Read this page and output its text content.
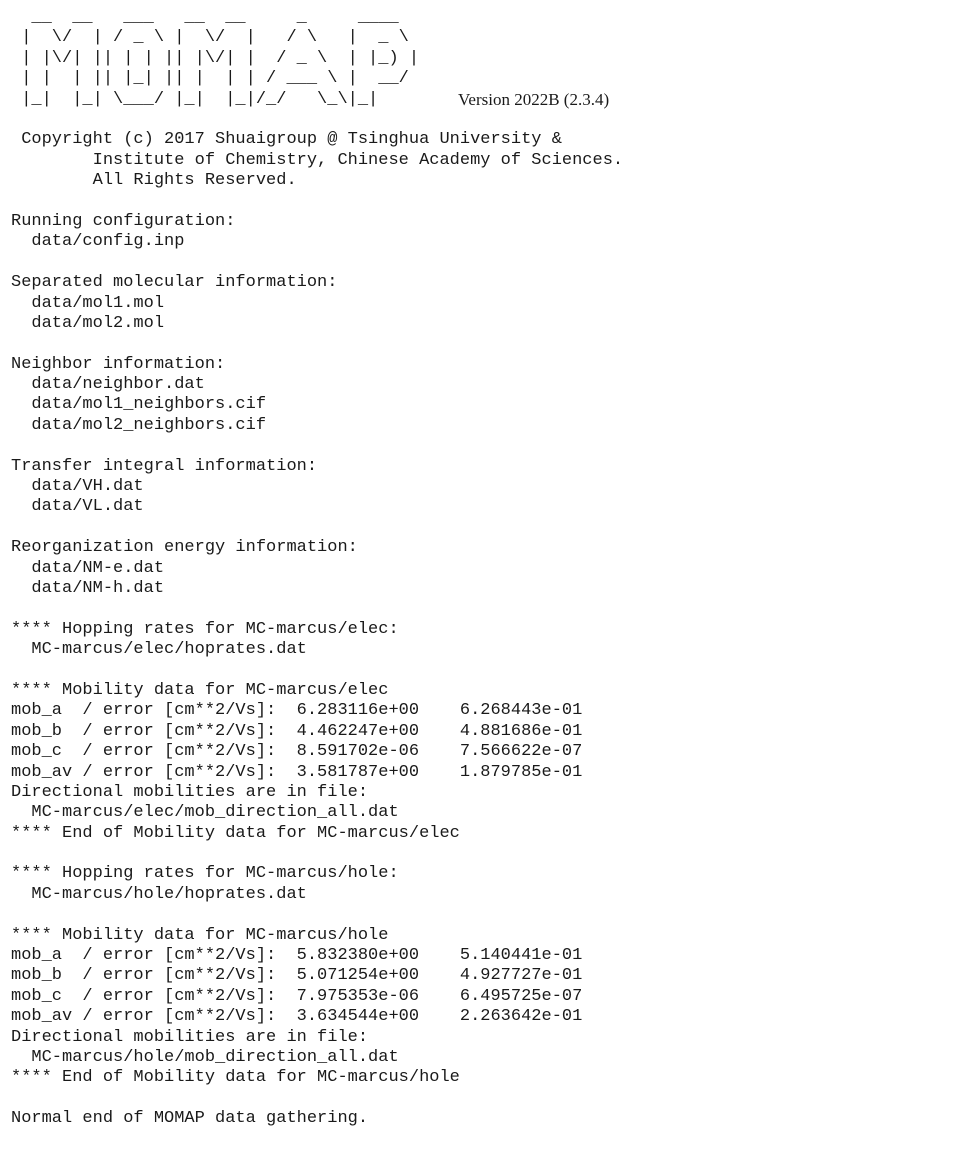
__  __   ___   __  __     _     ____
|  \/  | / _ \ |  \/  |   / \   |  _ \
| |\/| || | | || |\/| |  / _ \  | |_) |
| |  | || |_| || |  | | / ___ \ |  __/
|_|  |_| \___/ |_|  |_|/_/   \_\|_|	Version 2022B (2.3.4)
Copyright (c) 2017 Shuaigroup @ Tsinghua University &
Institute of Chemistry, Chinese Academy of Sciences.
All Rights Reserved.
Running configuration:
data/config.inp
Separated molecular information:
data/mol1.mol
data/mol2.mol
Neighbor information:
data/neighbor.dat
data/mol1_neighbors.cif
data/mol2_neighbors.cif
Transfer integral information:
data/VH.dat
data/VL.dat
Reorganization energy information:
data/NM-e.dat
data/NM-h.dat
**** Hopping rates for MC-marcus/elec:
MC-marcus/elec/hoprates.dat
**** Mobility data for MC-marcus/elec
mob_a  / error [cm**2/Vs]:  6.283116e+00    6.268443e-01
mob_b  / error [cm**2/Vs]:  4.462247e+00    4.881686e-01
mob_c  / error [cm**2/Vs]:  8.591702e-06    7.566622e-07
mob_av / error [cm**2/Vs]:  3.581787e+00    1.879785e-01
Directional mobilities are in file:
MC-marcus/elec/mob_direction_all.dat
**** End of Mobility data for MC-marcus/elec
**** Hopping rates for MC-marcus/hole:
MC-marcus/hole/hoprates.dat
**** Mobility data for MC-marcus/hole
mob_a  / error [cm**2/Vs]:  5.832380e+00    5.140441e-01
mob_b  / error [cm**2/Vs]:  5.071254e+00    4.927727e-01
mob_c  / error [cm**2/Vs]:  7.975353e-06    6.495725e-07
mob_av / error [cm**2/Vs]:  3.634544e+00    2.263642e-01
Directional mobilities are in file:
MC-marcus/hole/mob_direction_all.dat
**** End of Mobility data for MC-marcus/hole
Normal end of MOMAP data gathering.
